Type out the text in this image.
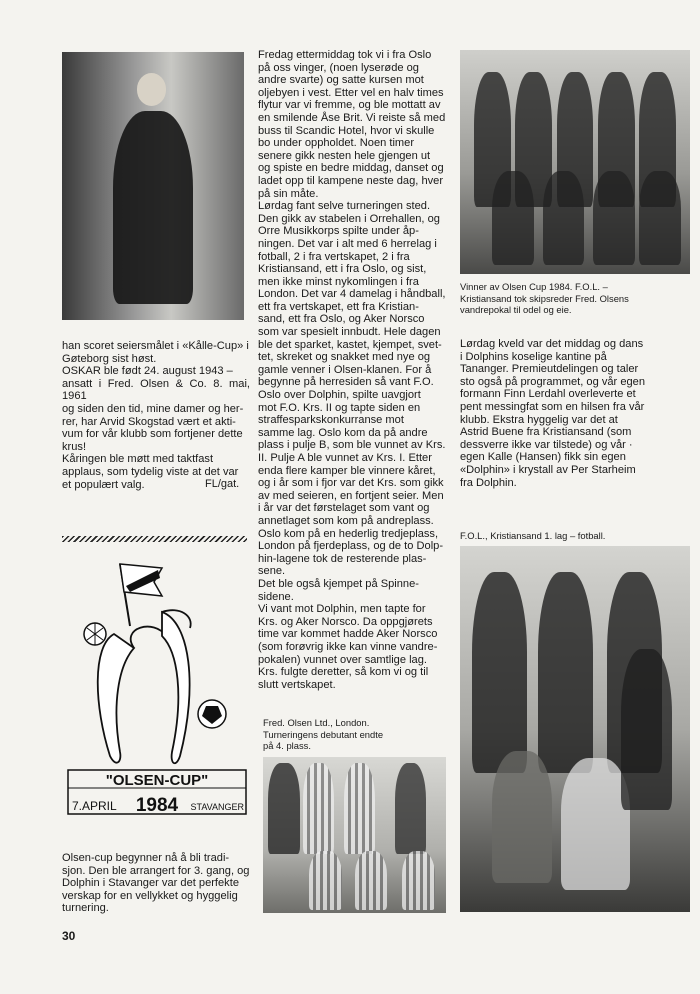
han scoret seiersmålet i «Kålle-Cup» i
Gøteborg sist høst.
OSKAR ble født 24. august 1943 –
ansatt i Fred. Olsen & Co. 8. mai, 1961
og siden den tid, mine damer og her-
rer, har Arvid Skogstad vært et akti-
vum for vår klubb som fortjener dette
krus!
Kåringen ble møtt med taktfast
applaus, som tydelig viste at det var
et populært valg.	FL/gat.
"OLSEN-CUP"
7.APRIL 1984 STAVANGER
Olsen-cup begynner nå å bli tradi-
sjon. Den ble arrangert for 3. gang, og
Dolphin i Stavanger var det perfekte
verskap for en vellykket og hyggelig
turnering.
30
Fredag ettermiddag tok vi i fra Oslo
på oss vinger, (noen lyserøde og
andre svarte) og satte kursen mot
oljebyen i vest. Etter vel en halv times
flytur var vi fremme, og ble mottatt av
en smilende Åse Brit. Vi reiste så med
buss til Scandic Hotel, hvor vi skulle
bo under oppholdet. Noen timer
senere gikk nesten hele gjengen ut
og spiste en bedre middag, danset og
ladet opp til kampene neste dag, hver
på sin måte.
Lørdag fant selve turneringen sted.
Den gikk av stabelen i Orrehallen, og
Orre Musikkorps spilte under åp-
ningen. Det var i alt med 6 herrelag i
fotball, 2 i fra vertskapet, 2 i fra
Kristiansand, ett i fra Oslo, og sist,
men ikke minst nykomlingen i fra
London. Det var 4 damelag i håndball,
ett fra vertskapet, ett fra Kristian-
sand, ett fra Oslo, og Aker Norsco
som var spesielt innbudt. Hele dagen
ble det sparket, kastet, kjempet, svet-
tet, skreket og snakket med nye og
gamle venner i Olsen-klanen. For å
begynne på herresiden så vant F.O.
Oslo over Dolphin, spilte uavgjort
mot F.O. Krs. II og tapte siden en
straffesparkskonkurranse mot
samme lag. Oslo kom da på andre
plass i pulje B, som ble vunnet av Krs.
II. Pulje A ble vunnet av Krs. I. Etter
enda flere kamper ble vinnere kåret,
og i år som i fjor var det Krs. som gikk
av med seieren, en fortjent seier. Men
i år var det førstelaget som vant og
annetlaget som kom på andreplass.
Oslo kom på en hederlig tredjeplass,
London på fjerdeplass, og de to Dolp-
hin-lagene tok de resterende plas-
sene.
Det ble også kjempet på Spinne-
sidene.
Vi vant mot Dolphin, men tapte for
Krs. og Aker Norsco. Da oppgjørets
time var kommet hadde Aker Norsco
(som forøvrig ikke kan vinne vandre-
pokalen) vunnet over samtlige lag.
Krs. fulgte deretter, så kom vi og til
slutt vertskapet.
Fred. Olsen Ltd., London.
Turneringens debutant endte
på 4. plass.
Vinner av Olsen Cup 1984. F.O.L. –
Kristiansand tok skipsreder Fred. Olsens
vandrepokal til odel og eie.
Lørdag kveld var det middag og dans
i Dolphins koselige kantine på
Tananger. Premieutdelingen og taler
sto også på programmet, og vår egen
formann Finn Lerdahl overleverte et
pent messingfat som en hilsen fra vår
klubb. Ekstra hyggelig var det at
Astrid Buene fra Kristiansand (som
dessverre ikke var tilstede) og vår ·
egen Kalle (Hansen) fikk sin egen
«Dolphin» i krystall av Per Starheim
fra Dolphin.
F.O.L., Kristiansand 1. lag – fotball.
